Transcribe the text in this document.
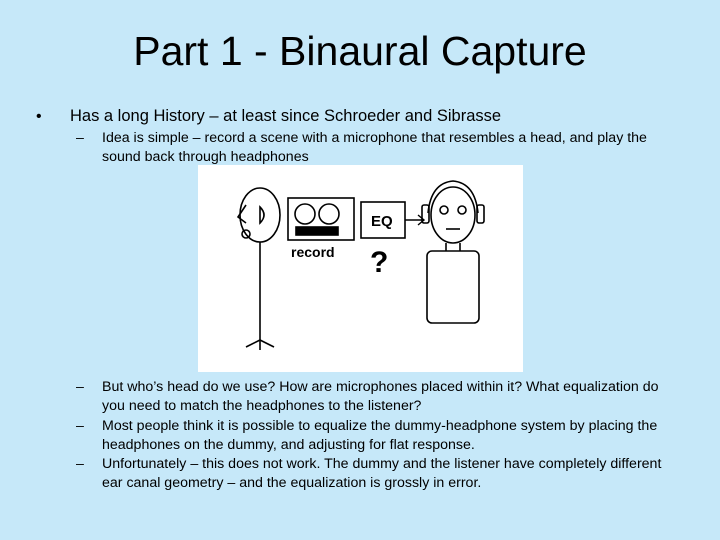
Part 1 - Binaural Capture
• Has a long History – at least since Schroeder and Sibrasse
– Idea is simple – record a scene with a microphone that resembles a head, and play the sound back through headphones
record
EQ
?
– But who’s head do we use? How are microphones placed within it? What equalization do you need to match the headphones to the listener?
– Most people think it is possible to equalize the dummy-headphone system by placing the headphones on the dummy, and adjusting for flat response.
– Unfortunately – this does not work. The dummy and the listener have completely different ear canal geometry – and the equalization is grossly in error.
